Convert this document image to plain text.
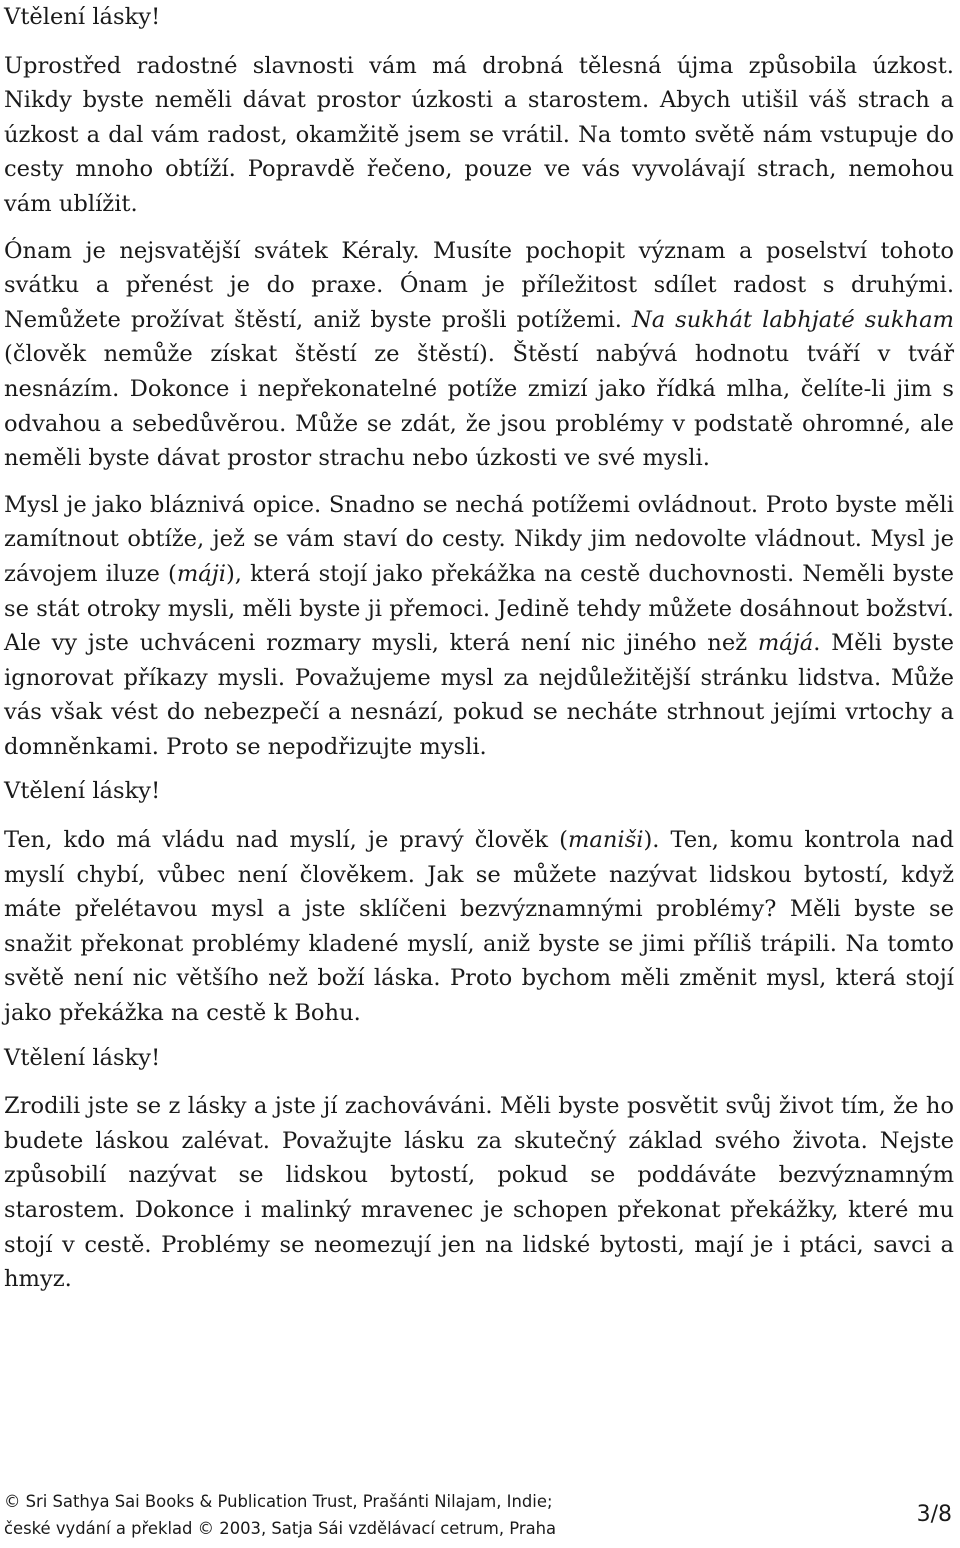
Vtělení lásky!

Uprostřed radostné slavnosti vám má drobná tělesná újma způsobila úzkost. Nikdy byste neměli dávat prostor úzkosti a starostem. Abych utišil váš strach a úzkost a dal vám radost, okamžitě jsem se vrátil. Na tomto světě nám vstupuje do cesty mnoho obtíží. Popravdě řečeno, pouze ve vás vyvolávají strach, nemohou vám ublížit.

Ónam je nejsvatější svátek Kéraly. Musíte pochopit význam a poselství tohoto svátku a přenést je do praxe. Ónam je příležitost sdílet radost s druhými. Nemůžete prožívat štěstí, aniž byste prošli potížemi. Na sukhát labhjaté sukham (člověk nemůže získat štěstí ze štěstí). Štěstí nabývá hodnotu tváří v tvář nesnázím. Dokonce i nepřekonatelné potíže zmizí jako řídká mlha, čelíte-li jim s odvahou a sebedůvěrou. Může se zdát, že jsou problémy v podstatě ohromné, ale neměli byste dávat prostor strachu nebo úzkosti ve své mysli.

Mysl je jako bláznivá opice. Snadno se nechá potížemi ovládnout. Proto byste měli zamítnout obtíže, jež se vám staví do cesty. Nikdy jim nedovolte vládnout. Mysl je závojem iluze (máji), která stojí jako překážka na cestě duchovnosti. Neměli byste se stát otroky mysli, měli byste ji přemoci. Jedině tehdy můžete dosáhnout božství. Ale vy jste uchváceni rozmary mysli, která není nic jiného než májá. Měli byste ignorovat příkazy mysli. Považujeme mysl za nejdůležitější stránku lidstva. Může vás však vést do nebezpečí a nesnází, pokud se necháte strhnout jejími vrtochy a domněnkami. Proto se nepodřizujte mysli.

Vtělení lásky!

Ten, kdo má vládu nad myslí, je pravý člověk (maniši). Ten, komu kontrola nad myslí chybí, vůbec není člověkem. Jak se můžete nazývat lidskou bytostí, když máte přelétavou mysl a jste sklíčeni bezvýznamnými problémy? Měli byste se snažit překonat problémy kladené myslí, aniž byste se jimi příliš trápili. Na tomto světě není nic většího než boží láska. Proto bychom měli změnit mysl, která stojí jako překážka na cestě k Bohu.

Vtělení lásky!

Zrodili jste se z lásky a jste jí zachováváni. Měli byste posvětit svůj život tím, že ho budete láskou zalévat. Považujte lásku za skutečný základ svého života. Nejste způsobilí nazývat se lidskou bytostí, pokud se poddáváte bezvýznamným starostem. Dokonce i malinký mravenec je schopen překonat překážky, které mu stojí v cestě. Problémy se neomezují jen na lidské bytosti, mají je i ptáci, savci a hmyz.

© Sri Sathya Sai Books & Publication Trust, Prašánti Nilajam, Indie;
české vydání a překlad © 2003, Satja Sái vzdělávací cetrum, Praha
3/8
